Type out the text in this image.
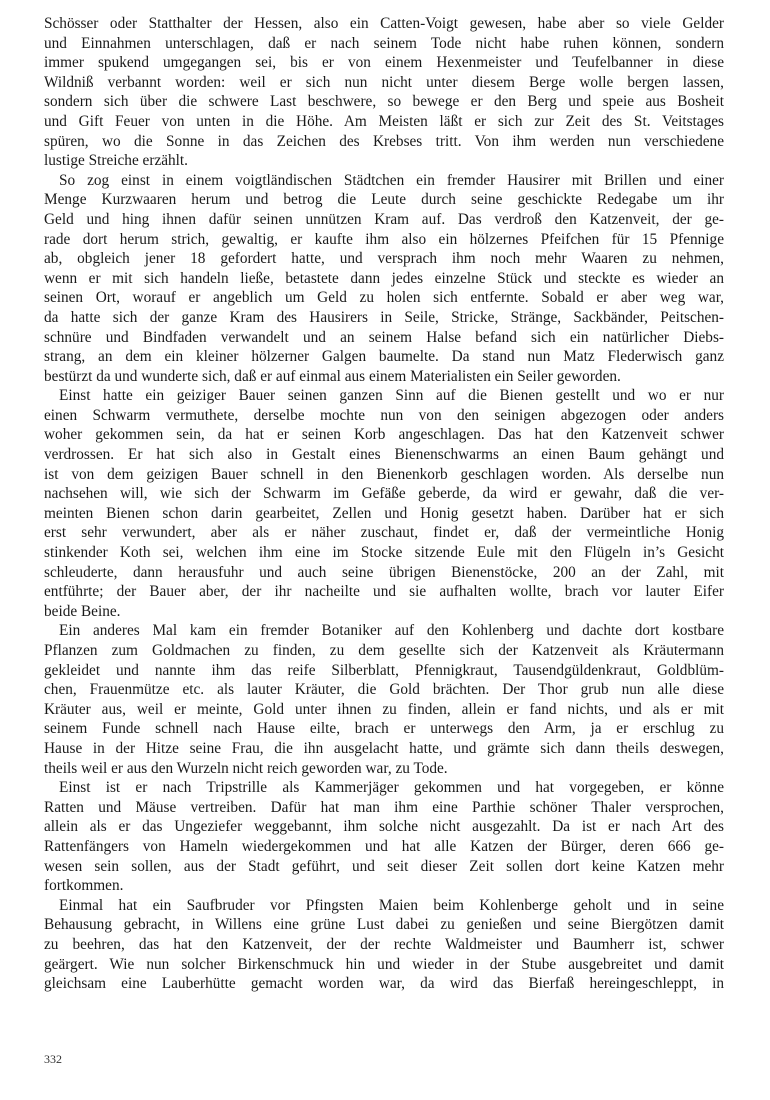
Schösser oder Statthalter der Hessen, also ein Catten-Voigt gewesen, habe aber so viele Gelder
und Einnahmen unterschlagen, daß er nach seinem Tode nicht habe ruhen können, sondern
immer spukend umgegangen sei, bis er von einem Hexenmeister und Teufelbanner in diese
Wildniß verbannt worden: weil er sich nun nicht unter diesem Berge wolle bergen lassen,
sondern sich über die schwere Last beschwere, so bewege er den Berg und speie aus Bosheit
und Gift Feuer von unten in die Höhe. Am Meisten läßt er sich zur Zeit des St. Veitstages
spüren, wo die Sonne in das Zeichen des Krebses tritt. Von ihm werden nun verschiedene
lustige Streiche erzählt.
So zog einst in einem voigtländischen Städtchen ein fremder Hausirer mit Brillen und einer
Menge Kurzwaaren herum und betrog die Leute durch seine geschickte Redegabe um ihr
Geld und hing ihnen dafür seinen unnützen Kram auf. Das verdroß den Katzenveit, der ge-
rade dort herum strich, gewaltig, er kaufte ihm also ein hölzernes Pfeifchen für 15 Pfennige
ab, obgleich jener 18 gefordert hatte, und versprach ihm noch mehr Waaren zu nehmen,
wenn er mit sich handeln ließe, betastete dann jedes einzelne Stück und steckte es wieder an
seinen Ort, worauf er angeblich um Geld zu holen sich entfernte. Sobald er aber weg war,
da hatte sich der ganze Kram des Hausirers in Seile, Stricke, Stränge, Sackbänder, Peitschen-
schnüre und Bindfaden verwandelt und an seinem Halse befand sich ein natürlicher Diebs-
strang, an dem ein kleiner hölzerner Galgen baumelte. Da stand nun Matz Flederwisch ganz
bestürzt da und wunderte sich, daß er auf einmal aus einem Materialisten ein Seiler geworden.
Einst hatte ein geiziger Bauer seinen ganzen Sinn auf die Bienen gestellt und wo er nur
einen Schwarm vermuthete, derselbe mochte nun von den seinigen abgezogen oder anders
woher gekommen sein, da hat er seinen Korb angeschlagen. Das hat den Katzenveit schwer
verdrossen. Er hat sich also in Gestalt eines Bienenschwarms an einen Baum gehängt und
ist von dem geizigen Bauer schnell in den Bienenkorb geschlagen worden. Als derselbe nun
nachsehen will, wie sich der Schwarm im Gefäße geberde, da wird er gewahr, daß die ver-
meinten Bienen schon darin gearbeitet, Zellen und Honig gesetzt haben. Darüber hat er sich
erst sehr verwundert, aber als er näher zuschaut, findet er, daß der vermeintliche Honig
stinkender Koth sei, welchen ihm eine im Stocke sitzende Eule mit den Flügeln in’s Gesicht
schleuderte, dann herausfuhr und auch seine übrigen Bienenstöcke, 200 an der Zahl, mit
entführte; der Bauer aber, der ihr nacheilte und sie aufhalten wollte, brach vor lauter Eifer
beide Beine.
Ein anderes Mal kam ein fremder Botaniker auf den Kohlenberg und dachte dort kostbare
Pflanzen zum Goldmachen zu finden, zu dem gesellte sich der Katzenveit als Kräutermann
gekleidet und nannte ihm das reife Silberblatt, Pfennigkraut, Tausendgüldenkraut, Goldblüm-
chen, Frauenmütze etc. als lauter Kräuter, die Gold brächten. Der Thor grub nun alle diese
Kräuter aus, weil er meinte, Gold unter ihnen zu finden, allein er fand nichts, und als er mit
seinem Funde schnell nach Hause eilte, brach er unterwegs den Arm, ja er erschlug zu
Hause in der Hitze seine Frau, die ihn ausgelacht hatte, und grämte sich dann theils deswegen,
theils weil er aus den Wurzeln nicht reich geworden war, zu Tode.
Einst ist er nach Tripstrille als Kammerjäger gekommen und hat vorgegeben, er könne
Ratten und Mäuse vertreiben. Dafür hat man ihm eine Parthie schöner Thaler versprochen,
allein als er das Ungeziefer weggebannt, ihm solche nicht ausgezahlt. Da ist er nach Art des
Rattenfängers von Hameln wiedergekommen und hat alle Katzen der Bürger, deren 666 ge-
wesen sein sollen, aus der Stadt geführt, und seit dieser Zeit sollen dort keine Katzen mehr
fortkommen.
Einmal hat ein Saufbruder vor Pfingsten Maien beim Kohlenberge geholt und in seine
Behausung gebracht, in Willens eine grüne Lust dabei zu genießen und seine Biergötzen damit
zu beehren, das hat den Katzenveit, der der rechte Waldmeister und Baumherr ist, schwer
geärgert. Wie nun solcher Birkenschmuck hin und wieder in der Stube ausgebreitet und damit
gleichsam eine Lauberhütte gemacht worden war, da wird das Bierfaß hereingeschleppt, in
332
